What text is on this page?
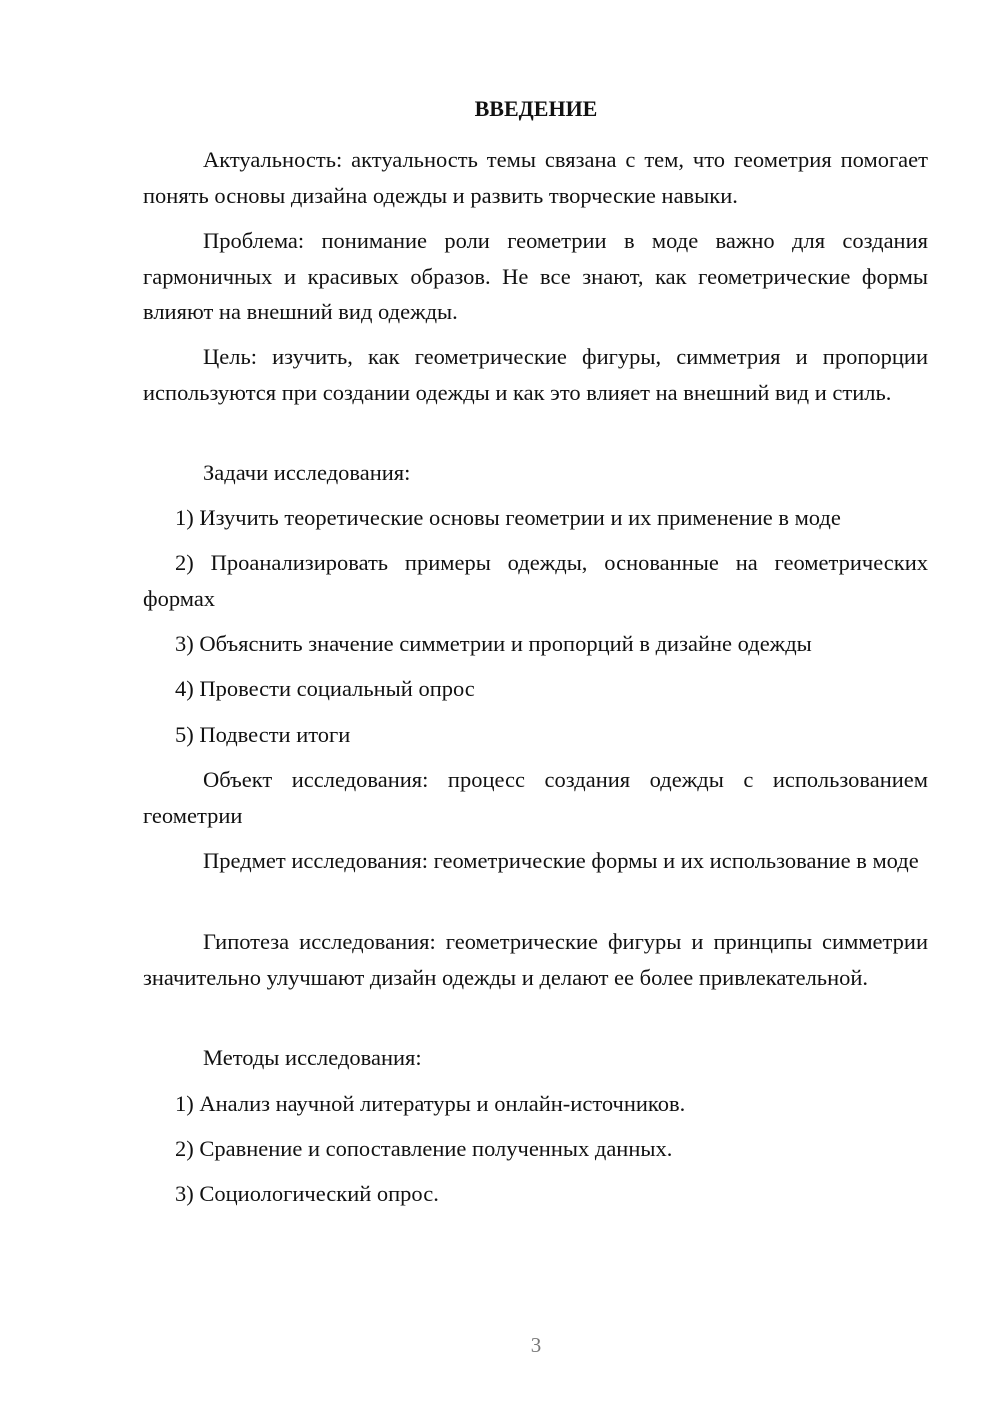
ВВЕДЕНИЕ
Актуальность: актуальность темы связана с тем, что геометрия помогает понять основы дизайна одежды и развить творческие навыки.
Проблема: понимание роли геометрии в моде важно для создания гармоничных и красивых образов. Не все знают, как геометрические формы влияют на внешний вид одежды.
Цель: изучить, как геометрические фигуры, симметрия и пропорции используются при создании одежды и как это влияет на внешний вид и стиль.
Задачи исследования:
1) Изучить теоретические основы геометрии и их применение в моде
2) Проанализировать примеры одежды, основанные на геометрических формах
3) Объяснить значение симметрии и пропорций в дизайне одежды
4) Провести социальный опрос
5) Подвести итоги
Объект исследования: процесс создания одежды с использованием геометрии
Предмет исследования: геометрические формы и их использование в моде
Гипотеза исследования: геометрические фигуры и принципы симметрии значительно улучшают дизайн одежды и делают ее более привлекательной.
Методы исследования:
1) Анализ научной литературы и онлайн-источников.
2) Сравнение и сопоставление полученных данных.
3) Социологический опрос.
3
